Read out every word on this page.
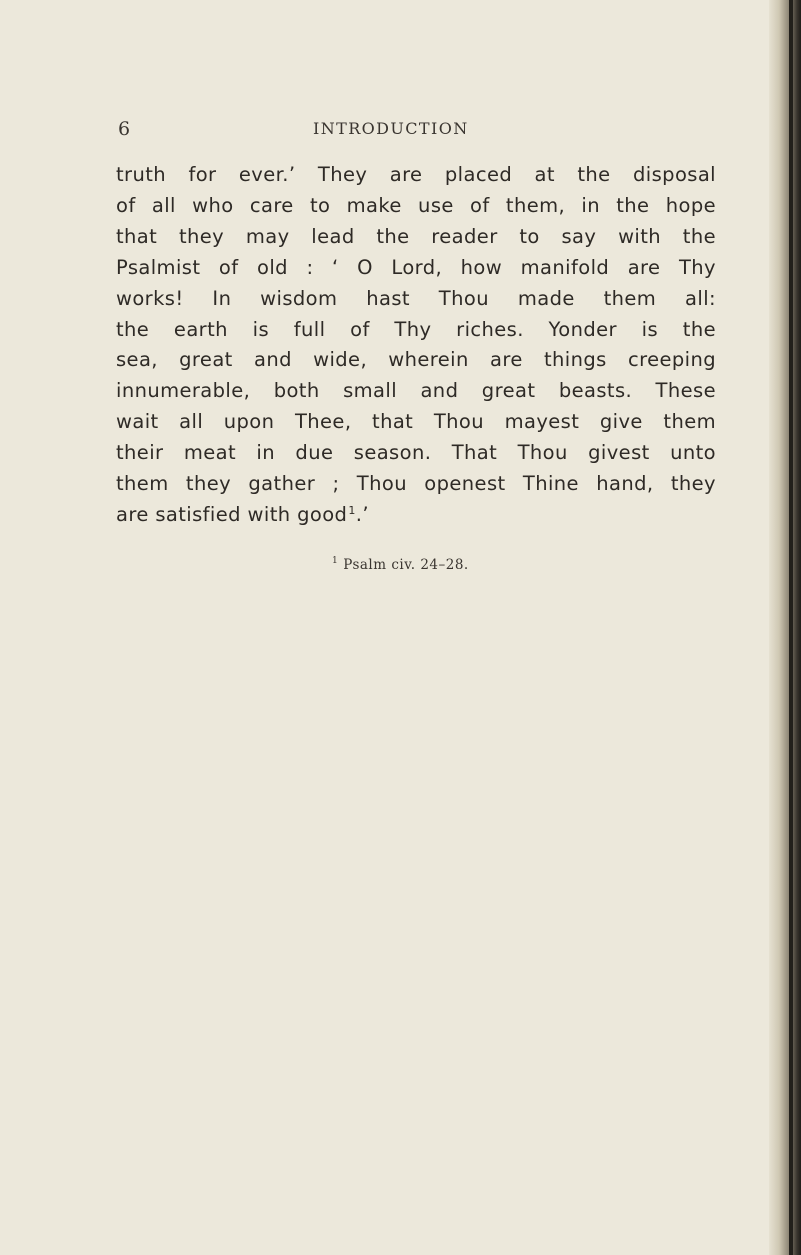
6	INTRODUCTION
truth for ever.’ They are placed at the disposal
of all who care to make use of them, in the hope
that they may lead the reader to say with the
Psalmist of old : ‘ O Lord, how manifold are Thy
works! In wisdom hast Thou made them all:
the earth is full of Thy riches. Yonder is the
sea, great and wide, wherein are things creeping
innumerable, both small and great beasts. These
wait all upon Thee, that Thou mayest give them
their meat in due season. That Thou givest unto
them they gather ; Thou openest Thine hand, they
are satisfied with good$^1$.’
$^1$ Psalm civ. 24–28.
